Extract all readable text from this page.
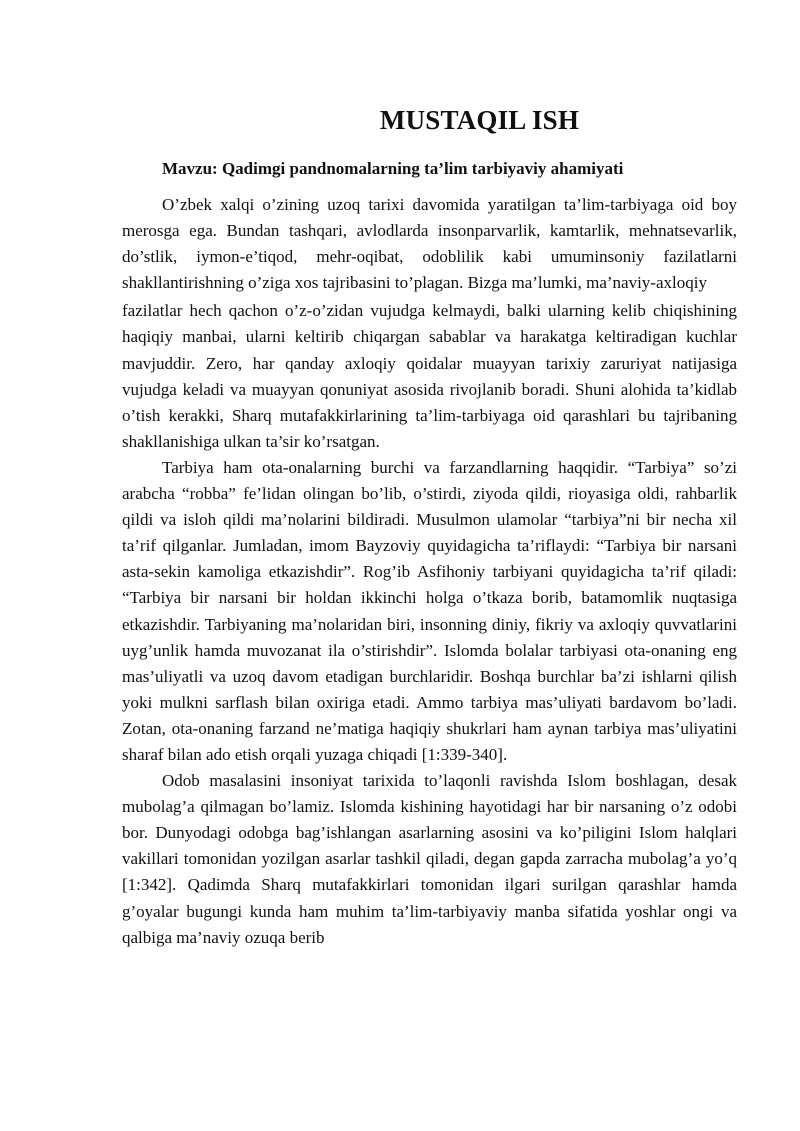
MUSTAQIL ISH

Mavzu: Qadimgi pandnomalarning ta’lim tarbiyaviy ahamiyati

O’zbek xalqi o’zining uzoq tarixi davomida yaratilgan ta’lim-tarbiyaga oid boy merosga ega. Bundan tashqari, avlodlarda insonparvarlik, kamtarlik, mehnatsevarlik, do’stlik, iymon-e’tiqod, mehr-oqibat, odoblilik kabi umuminsoniy fazilatlarni shakllantirishning o’ziga xos tajribasini to’plagan. Bizga ma’lumki, ma’naviy-axloqiy

fazilatlar hech qachon o’z-o’zidan vujudga kelmaydi, balki ularning kelib chiqishining haqiqiy manbai, ularni keltirib chiqargan sabablar va harakatga keltiradigan kuchlar mavjuddir. Zero, har qanday axloqiy qoidalar muayyan tarixiy zaruriyat natijasiga vujudga keladi va muayyan qonuniyat asosida rivojlanib boradi. Shuni alohida ta’kidlab o’tish kerakki, Sharq mutafakkirlarining ta’lim-tarbiyaga oid qarashlari bu tajribaning shakllanishiga ulkan ta’sir ko’rsatgan.

Tarbiya ham ota-onalarning burchi va farzandlarning haqqidir. “Tarbiya” so’zi arabcha “robba” fe’lidan olingan bo’lib, o’stirdi, ziyoda qildi, rioyasiga oldi, rahbarlik qildi va isloh qildi ma’nolarini bildiradi. Musulmon ulamolar “tarbiya”ni bir necha xil ta’rif qilganlar. Jumladan, imom Bayzoviy quyidagicha ta’riflaydi: “Tarbiya bir narsani asta-sekin kamoliga etkazishdir”. Rog’ib Asfihoniy tarbiyani quyidagicha ta’rif qiladi: “Tarbiya bir narsani bir holdan ikkinchi holga o’tkaza borib, batamomlik nuqtasiga etkazishdir. Tarbiyaning ma’nolaridan biri, insonning diniy, fikriy va axloqiy quvvatlarini uyg’unlik hamda muvozanat ila o’stirishdir”. Islomda bolalar tarbiyasi ota-onaning eng mas’uliyatli va uzoq davom etadigan burchlaridir. Boshqa burchlar ba’zi ishlarni qilish yoki mulkni sarflash bilan oxiriga etadi. Ammo tarbiya mas’uliyati bardavom bo’ladi. Zotan, ota-onaning farzand ne’matiga haqiqiy shukrlari ham aynan tarbiya mas’uliyatini sharaf bilan ado etish orqali yuzaga chiqadi [1:339-340].

Odob masalasini insoniyat tarixida to’laqonli ravishda Islom boshlagan, desak mubolag’a qilmagan bo’lamiz. Islomda kishining hayotidagi har bir narsaning o’z odobi bor. Dunyodagi odobga bag’ishlangan asarlarning asosini va ko’piligini Islom halqlari vakillari tomonidan yozilgan asarlar tashkil qiladi, degan gapda zarracha mubolag’a yo’q [1:342]. Qadimda Sharq mutafakkirlari tomonidan ilgari surilgan qarashlar hamda g’oyalar bugungi kunda ham muhim ta’lim-tarbiyaviy manba sifatida yoshlar ongi va qalbiga ma’naviy ozuqa berib
